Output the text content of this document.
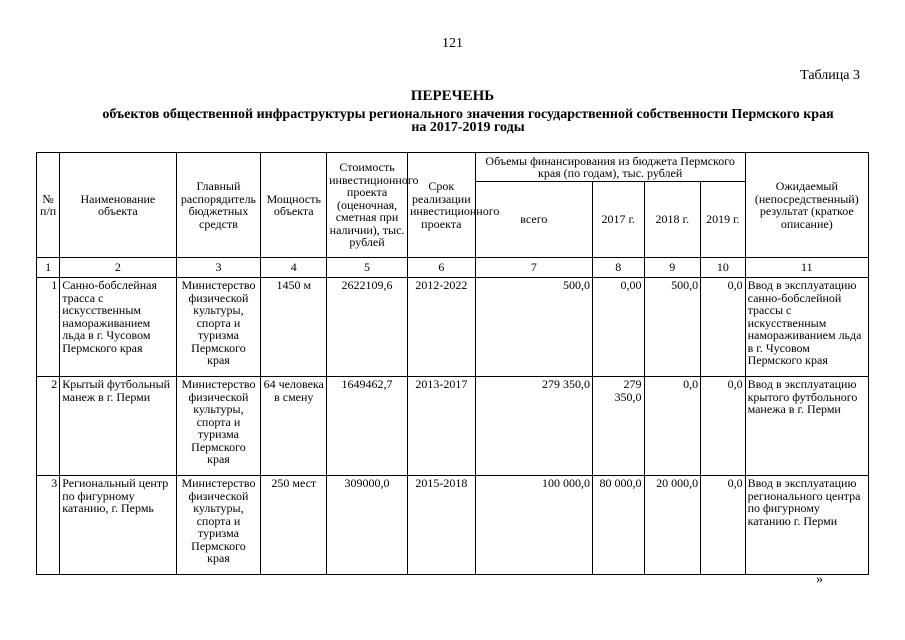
121
Таблица 3
ПЕРЕЧЕНЬ
объектов общественной инфраструктуры регионального значения государственной собственности Пермского края на 2017-2019 годы
№ п/п	Наименование объекта	Главный распорядитель бюджетных средств	Мощность объекта	Стоимость инвестиционного проекта (оценочная, сметная при наличии), тыс. рублей	Срок реализации инвестиционного проекта	Объемы финансирования из бюджета Пермского края (по годам), тыс. рублей				Ожидаемый (непосредственный) результат (краткое описание)
						всего	2017 г.	2018 г.	2019 г.	
1	2	3	4	5	6	7	8	9	10	11
1	Санно-бобслейная трасса с искусственным намораживанием льда в г. Чусовом Пермского края	Министерство физической культуры, спорта и туризма Пермского края	1450 м	2622109,6	2012-2022	500,0	0,00	500,0	0,0	Ввод в эксплуатацию санно-бобслейной трассы с искусственным намораживанием льда в г. Чусовом Пермского края
2	Крытый футбольный манеж в г. Перми	Министерство физической культуры, спорта и туризма Пермского края	64 человека в смену	1649462,7	2013-2017	279 350,0	279 350,0	0,0	0,0	Ввод в эксплуатацию крытого футбольного манежа в г. Перми
3	Региональный центр по фигурному катанию, г. Пермь	Министерство физической культуры, спорта и туризма Пермского края	250 мест	309000,0	2015-2018	100 000,0	80 000,0	20 000,0	0,0	Ввод в эксплуатацию регионального центра по фигурному катанию г. Перми
»
